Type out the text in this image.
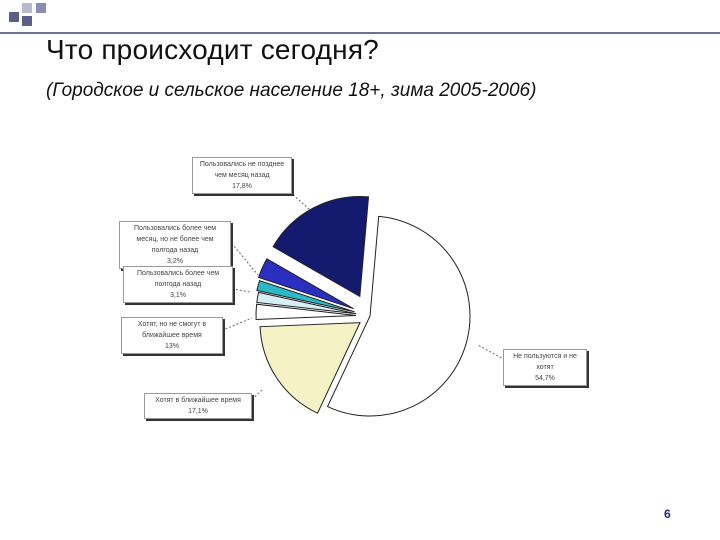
Что происходит сегодня?
(Городское и сельское население 18+, зима 2005-2006)
Пользовались не позднее чем месяц назад
17,8%
Пользовались более чем месяц, но не более чем полгода назад
3,2%
Пользовались более чем полгода назад
3,1%
Хотят, но не смогут в ближайшее время
13%
Хотят в ближайшее время
17,1%
Не пользуются и не хотят
54,7%
6
